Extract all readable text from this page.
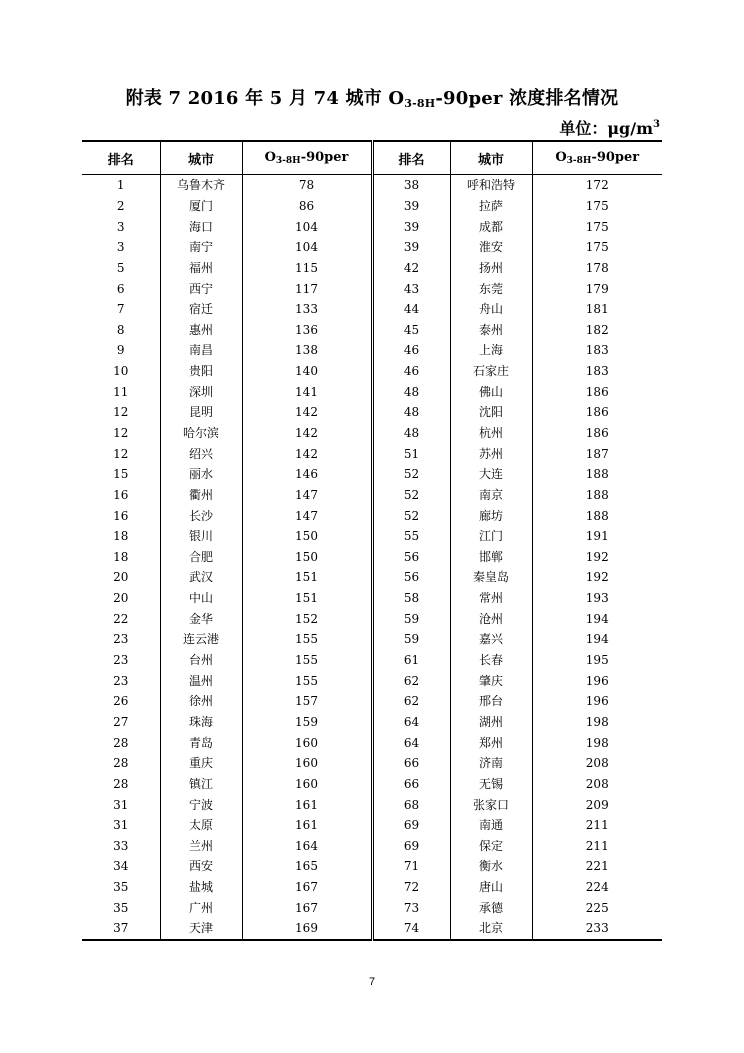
附表 7 2016 年 5 月 74 城市 $O_{3-8H}-90per$ 浓度排名情况
单位：$\mu g/m^3$
排名	城市	$O_{3-8H}-90per$	排名	城市	$O_{3-8H}-90per$
1	乌鲁木齐	78	38	呼和浩特	172
2	厦门	86	39	拉萨	175
3	海口	104	39	成都	175
3	南宁	104	39	淮安	175
5	福州	115	42	扬州	178
6	西宁	117	43	东莞	179
7	宿迁	133	44	舟山	181
8	惠州	136	45	泰州	182
9	南昌	138	46	上海	183
10	贵阳	140	46	石家庄	183
11	深圳	141	48	佛山	186
12	昆明	142	48	沈阳	186
12	哈尔滨	142	48	杭州	186
12	绍兴	142	51	苏州	187
15	丽水	146	52	大连	188
16	衢州	147	52	南京	188
16	长沙	147	52	廊坊	188
18	银川	150	55	江门	191
18	合肥	150	56	邯郸	192
20	武汉	151	56	秦皇岛	192
20	中山	151	58	常州	193
22	金华	152	59	沧州	194
23	连云港	155	59	嘉兴	194
23	台州	155	61	长春	195
23	温州	155	62	肇庆	196
26	徐州	157	62	邢台	196
27	珠海	159	64	湖州	198
28	青岛	160	64	郑州	198
28	重庆	160	66	济南	208
28	镇江	160	66	无锡	208
31	宁波	161	68	张家口	209
31	太原	161	69	南通	211
33	兰州	164	69	保定	211
34	西安	165	71	衡水	221
35	盐城	167	72	唐山	224
35	广州	167	73	承德	225
37	天津	169	74	北京	233
7
